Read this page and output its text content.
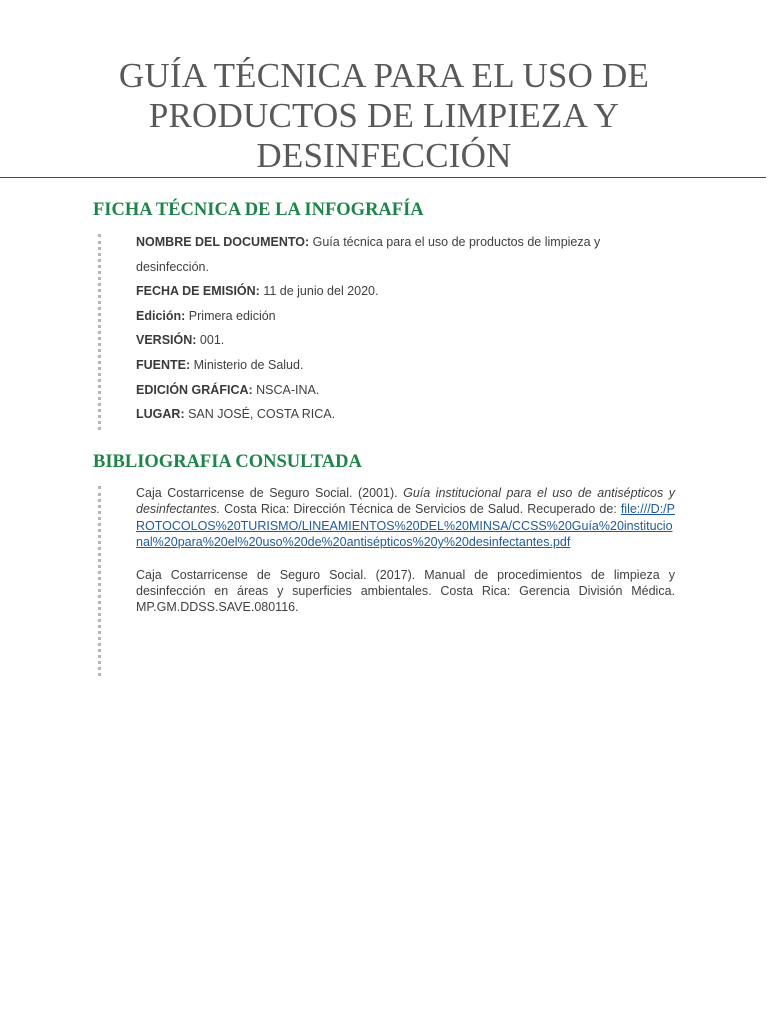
GUÍA TÉCNICA PARA EL USO DE
PRODUCTOS DE LIMPIEZA Y
DESINFECCIÓN
FICHA TÉCNICA DE LA INFOGRAFÍA
NOMBRE DEL DOCUMENTO: Guía técnica para el uso de productos de limpieza y desinfección.
FECHA DE EMISIÓN: 11 de junio del 2020.
Edición: Primera edición
VERSIÓN: 001.
FUENTE: Ministerio de Salud.
EDICIÓN GRÁFICA: NSCA-INA.
LUGAR: SAN JOSÉ, COSTA RICA.
BIBLIOGRAFIA CONSULTADA

Caja Costarricense de Seguro Social. (2001). Guía institucional para el uso de antisépticos y desinfectantes. Costa Rica: Dirección Técnica de Servicios de Salud. Recuperado de: file:///D:/PROTOCOLOS%20TURISMO/LINEAMIENTOS%20DEL%20MINSA/CCSS%20Guía%20institucional%20para%20el%20uso%20de%20antisépticos%20y%20desinfectantes.pdf

Caja Costarricense de Seguro Social. (2017). Manual de procedimientos de limpieza y desinfección en áreas y superficies ambientales. Costa Rica: Gerencia División Médica. MP.GM.DDSS.SAVE.080116.
